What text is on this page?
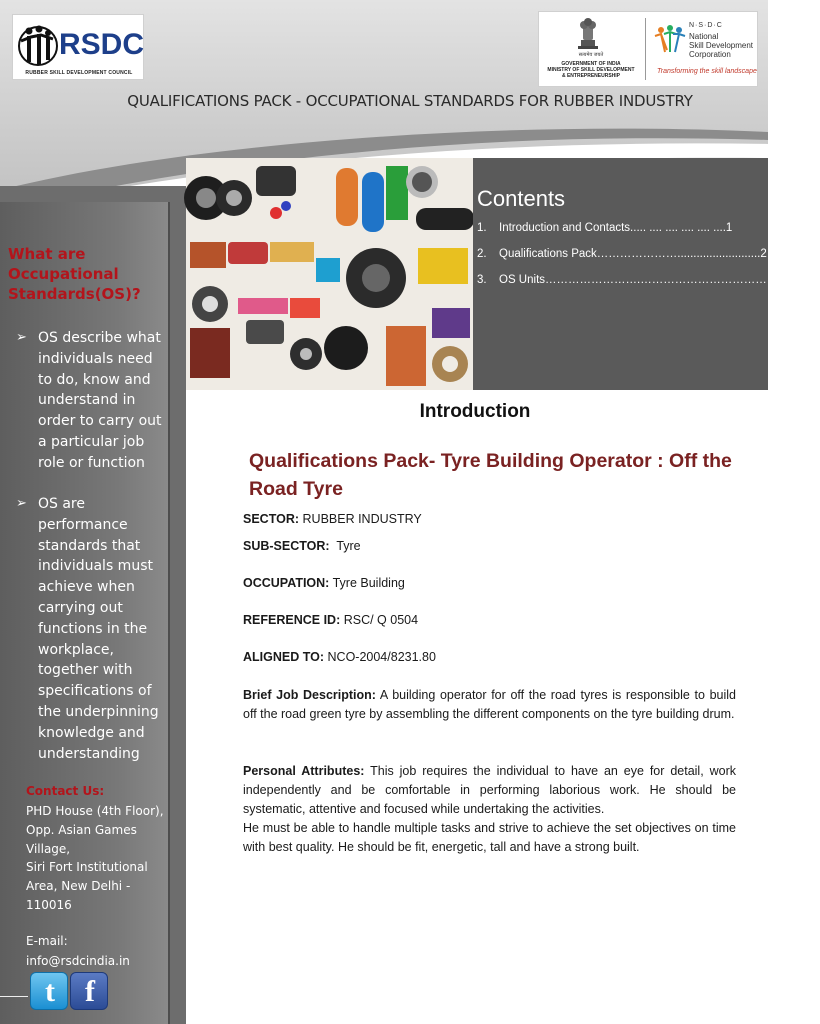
RSDC
RUBBER SKILL DEVELOPMENT COUNCIL
सत्यमेव जयते
GOVERNMENT OF INDIA
MINISTRY OF SKILL DEVELOPMENT
& ENTREPRENEURSHIP
N·S·D·C
National
Skill Development
Corporation
Transforming the skill landscape
QUALIFICATIONS PACK - OCCUPATIONAL STANDARDS FOR RUBBER INDUSTRY
What are Occupational Standards(OS)?
➢ OS describe what individuals need to do, know and understand in order to carry out a particular job role or function
➢ OS are performance standards that individuals must achieve when carrying out functions in the workplace, together with specifications of the underpinning knowledge and understanding
Contact Us:
PHD House (4th Floor),
Opp. Asian Games
Village,
Siri Fort Institutional
Area, New Delhi -
110016
E-mail:
info@rsdcindia.in
t	f
Contents
1. Introduction and Contacts..... .... .... .... .... ....1
2. Qualifications Pack…………………..........................2
3. OS Units…………………….………………………………....2
Introduction
Qualifications Pack- Tyre Building Operator : Off the Road Tyre
SECTOR: RUBBER INDUSTRY
SUB-SECTOR: Tyre
OCCUPATION: Tyre Building
REFERENCE ID: RSC/ Q 0504
ALIGNED TO: NCO-2004/8231.80
Brief Job Description: A building operator for off the road tyres is responsible to build off the road green tyre by assembling the different components on the tyre building drum.
Personal Attributes: This job requires the individual to have an eye for detail, work independently and be comfortable in performing laborious work. He should be systematic, attentive and focused while undertaking the activities.
He must be able to handle multiple tasks and strive to achieve the set objectives on time with best quality. He should be fit, energetic, tall and have a strong built.
